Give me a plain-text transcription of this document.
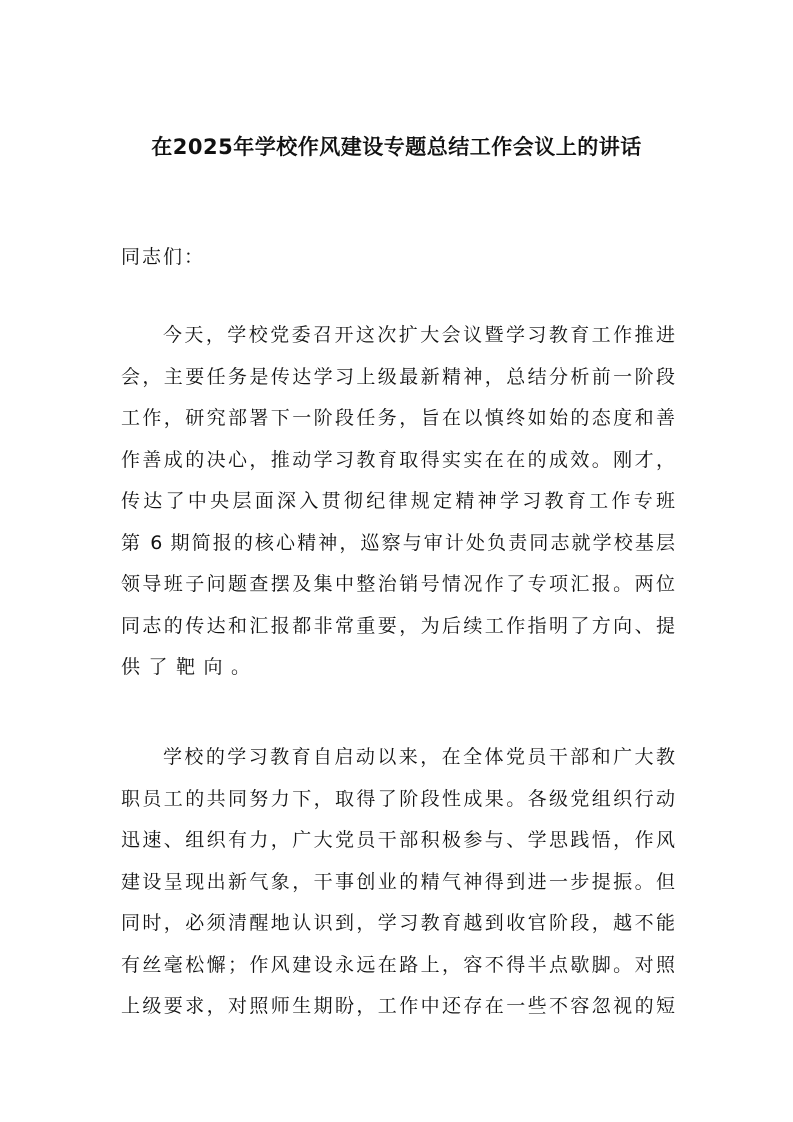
在2025年学校作风建设专题总结工作会议上的讲话
同志们：
今天，学校党委召开这次扩大会议暨学习教育工作推进
会，主要任务是传达学习上级最新精神，总结分析前一阶段
工作，研究部署下一阶段任务，旨在以慎终如始的态度和善
作善成的决心，推动学习教育取得实实在在的成效。刚才，
传达了中央层面深入贯彻纪律规定精神学习教育工作专班
第 6 期简报的核心精神，巡察与审计处负责同志就学校基层
领导班子问题查摆及集中整治销号情况作了专项汇报。两位
同志的传达和汇报都非常重要，为后续工作指明了方向、提
供了靶向。
学校的学习教育自启动以来，在全体党员干部和广大教
职员工的共同努力下，取得了阶段性成果。各级党组织行动
迅速、组织有力，广大党员干部积极参与、学思践悟，作风
建设呈现出新气象，干事创业的精气神得到进一步提振。但
同时，必须清醒地认识到，学习教育越到收官阶段，越不能
有丝毫松懈；作风建设永远在路上，容不得半点歇脚。对照
上级要求，对照师生期盼，工作中还存在一些不容忽视的短
